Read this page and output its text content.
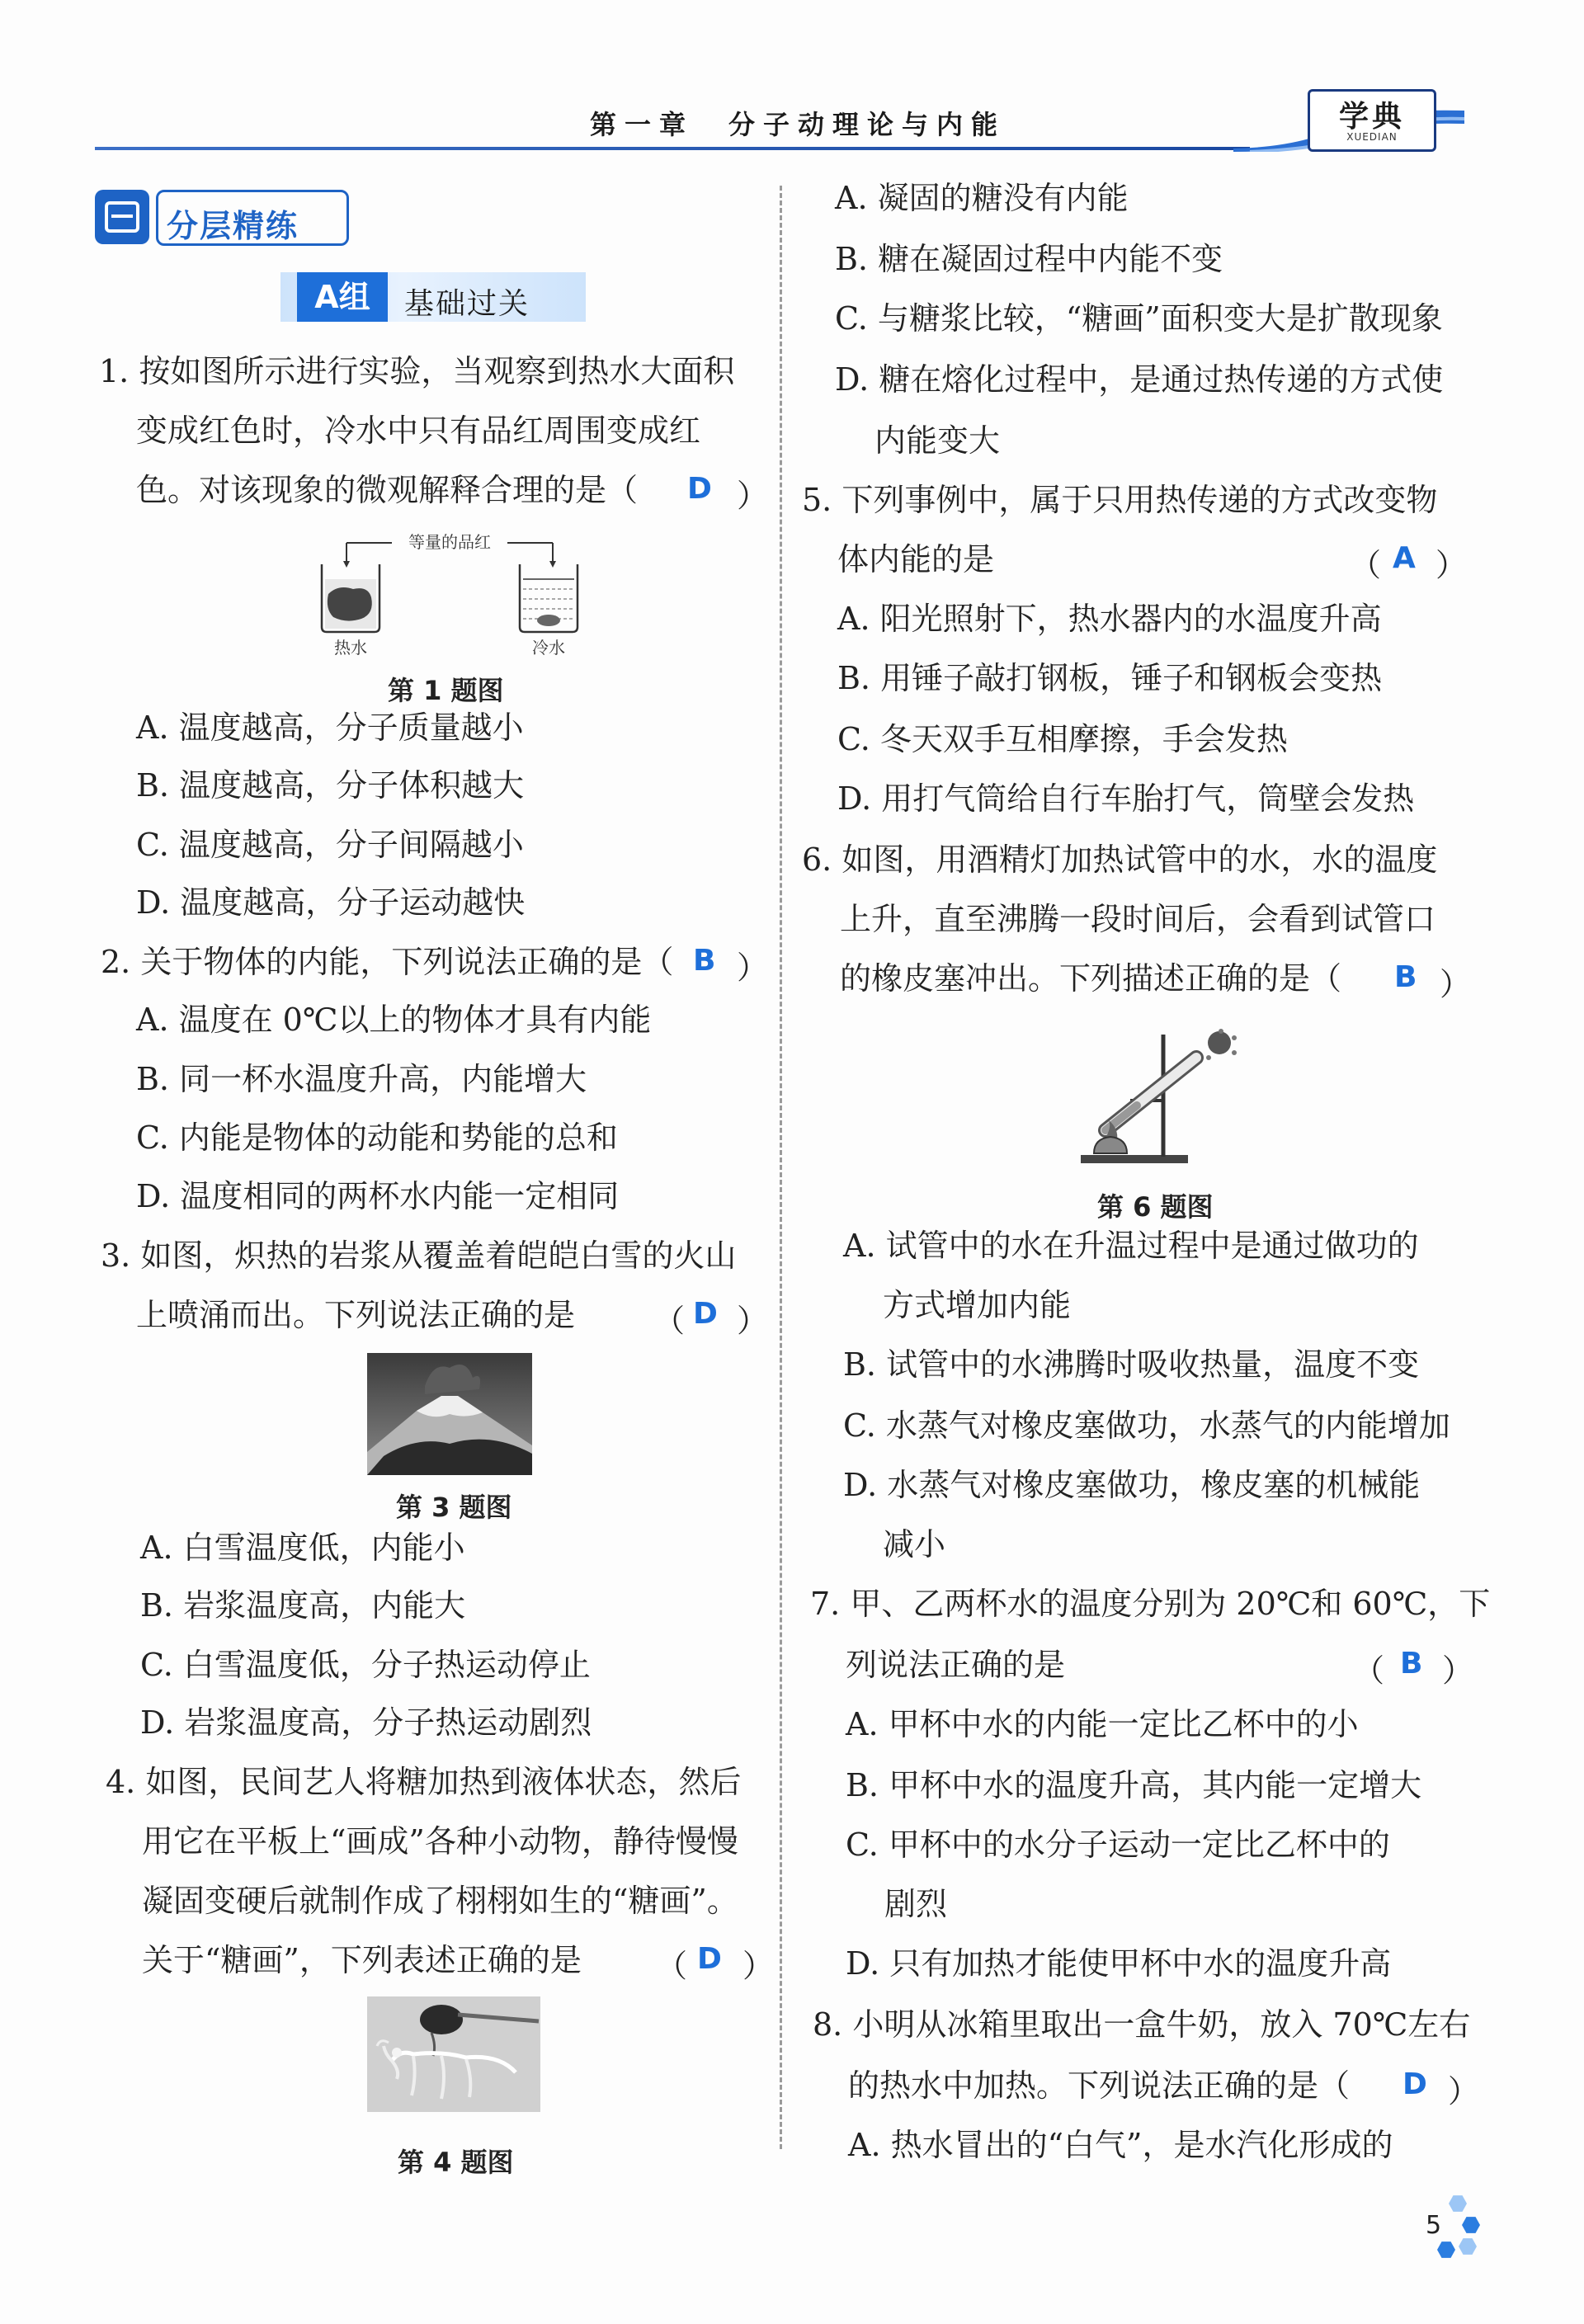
第一章　分子动理论与内能	学典
XUEDIAN
分层精练
A组	基础过关
1. 按如图所示进行实验，当观察到热水大面积
变成红色时，冷水中只有品红周围变成红
色。对该现象的微观解释合理的是（ D ）
等量的品红
热水	冷水
第 1 题图
A. 温度越高，分子质量越小
B. 温度越高，分子体积越大
C. 温度越高，分子间隔越小
D. 温度越高，分子运动越快
2. 关于物体的内能，下列说法正确的是（ B ）
A. 温度在 0℃以上的物体才具有内能
B. 同一杯水温度升高，内能增大
C. 内能是物体的动能和势能的总和
D. 温度相同的两杯水内能一定相同
3. 如图，炽热的岩浆从覆盖着皑皑白雪的火山
上喷涌而出。下列说法正确的是 （ D ）
第 3 题图
A. 白雪温度低，内能小
B. 岩浆温度高，内能大
C. 白雪温度低，分子热运动停止
D. 岩浆温度高，分子热运动剧烈
4. 如图，民间艺人将糖加热到液体状态，然后
用它在平板上“画成”各种小动物，静待慢慢
凝固变硬后就制作成了栩栩如生的“糖画”。
关于“糖画”，下列表述正确的是 （ D ）
第 4 题图
A. 凝固的糖没有内能
B. 糖在凝固过程中内能不变
C. 与糖浆比较，“糖画”面积变大是扩散现象
D. 糖在熔化过程中，是通过热传递的方式使
内能变大
5. 下列事例中，属于只用热传递的方式改变物
体内能的是	（ A ）
A. 阳光照射下，热水器内的水温度升高
B. 用锤子敲打钢板，锤子和钢板会变热
C. 冬天双手互相摩擦，手会发热
D. 用打气筒给自行车胎打气，筒壁会发热
6. 如图，用酒精灯加热试管中的水，水的温度
上升，直至沸腾一段时间后，会看到试管口
的橡皮塞冲出。下列描述正确的是（ B ）
第 6 题图
A. 试管中的水在升温过程中是通过做功的
方式增加内能
B. 试管中的水沸腾时吸收热量，温度不变
C. 水蒸气对橡皮塞做功，水蒸气的内能增加
D. 水蒸气对橡皮塞做功，橡皮塞的机械能
减小
7. 甲、乙两杯水的温度分别为 20℃和 60℃，下
列说法正确的是	（ B ）
A. 甲杯中水的内能一定比乙杯中的小
B. 甲杯中水的温度升高，其内能一定增大
C. 甲杯中的水分子运动一定比乙杯中的
剧烈
D. 只有加热才能使甲杯中水的温度升高
8. 小明从冰箱里取出一盒牛奶，放入 70℃左右
的热水中加热。下列说法正确的是（ D ）
A. 热水冒出的“白气”，是水汽化形成的
5
